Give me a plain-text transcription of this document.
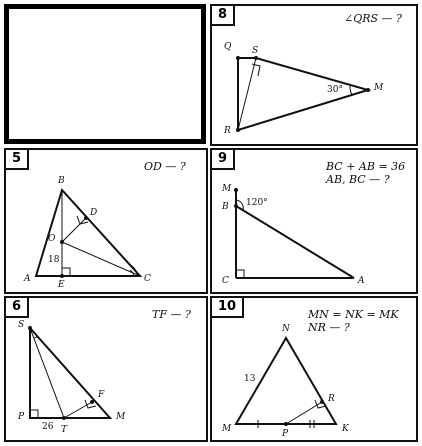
8	∠QRS — ?
Q S
M
R
30°
5
OD — ?
B
D
O
A
E
C
18
9
BC + AB = 36
AB, BC — ?
M
B
C	A
120°
6
TF — ?
S
F
P
T
M
26
10
MN = NK = MK
NR — ?
N
M	P
R
K
13
